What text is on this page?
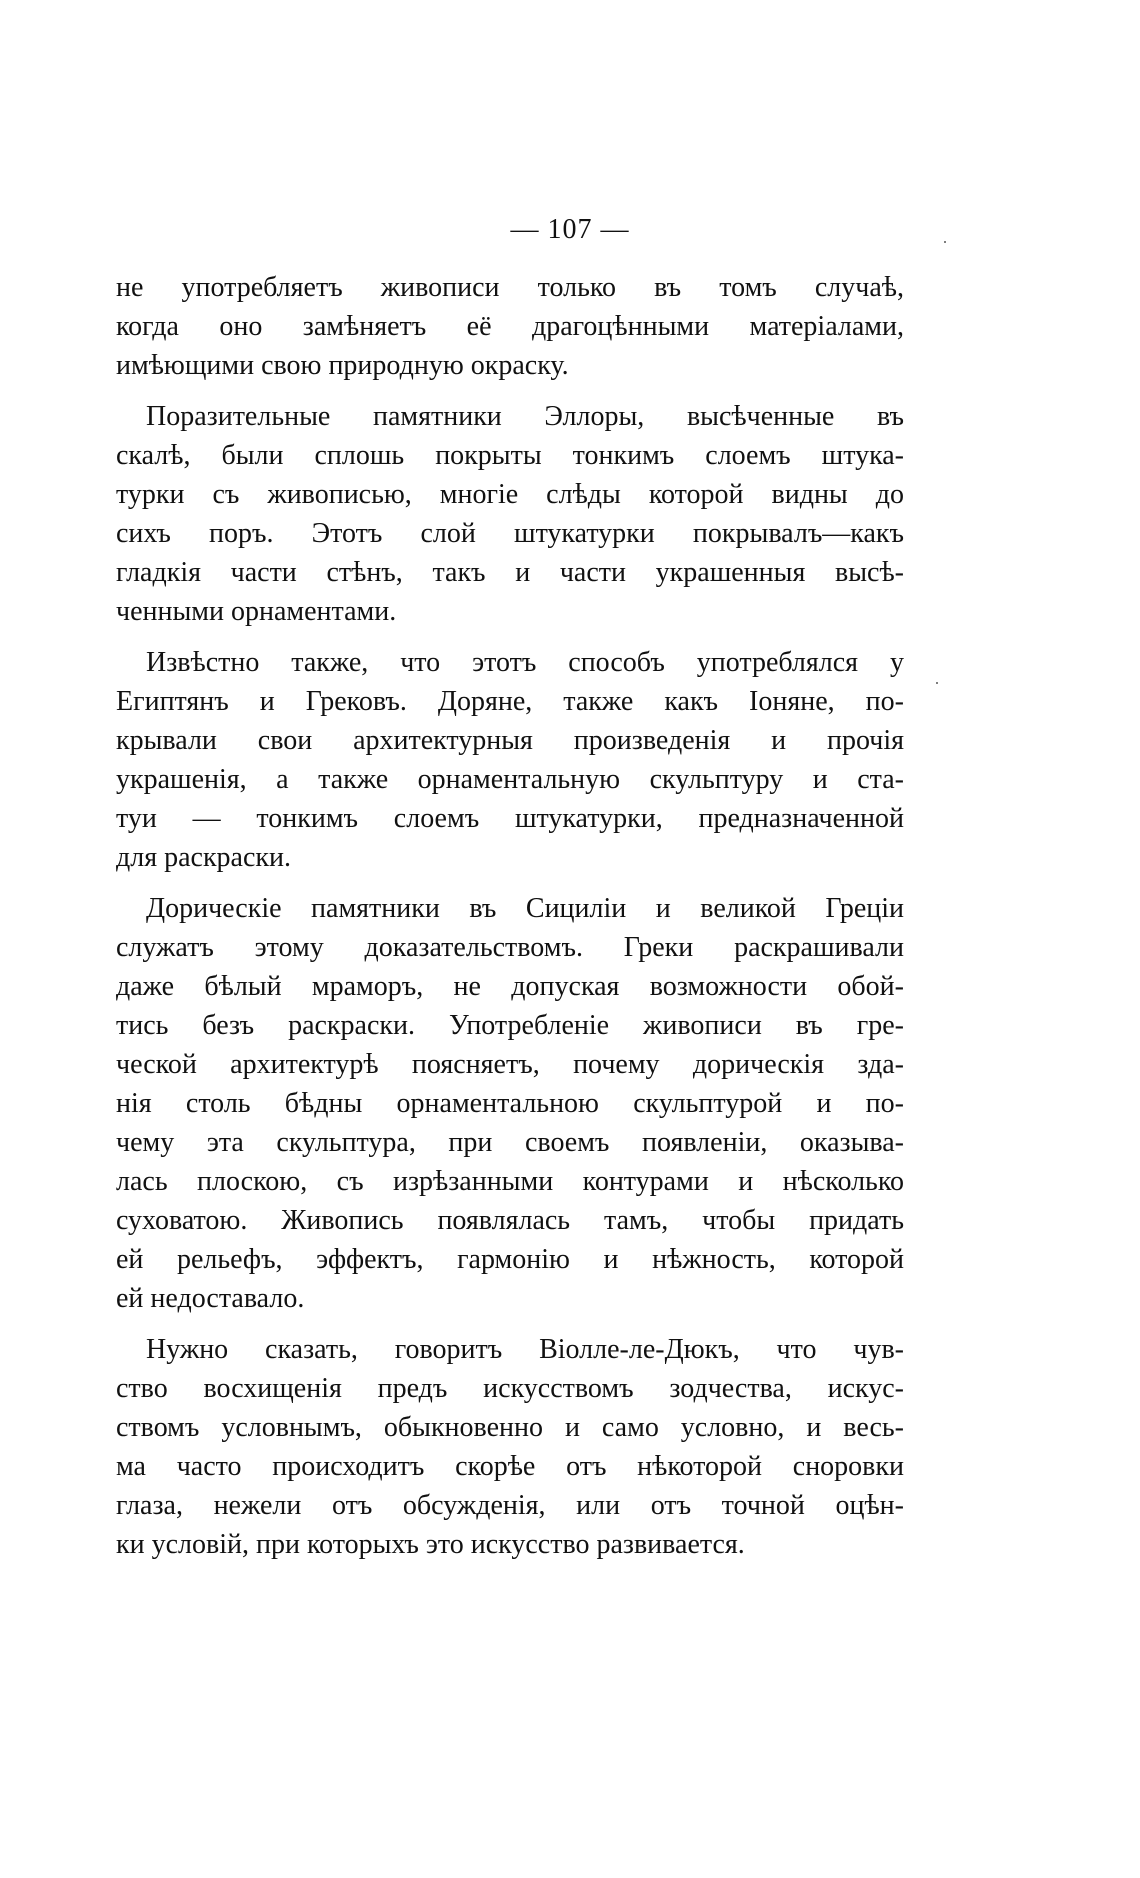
— 107 —
не употребляетъ живописи только въ томъ случаѣ,
когда оно замѣняетъ её драгоцѣнными матеріалами,
имѣющими свою природную окраску.
Поразительные памятники Эллоры, высѣченные въ
скалѣ, были сплошь покрыты тонкимъ слоемъ штука-
турки съ живописью, многіе слѣды которой видны до
сихъ поръ. Этотъ слой штукатурки покрывалъ—какъ
гладкія части стѣнъ, такъ и части украшенныя высѣ-
ченными орнаментами.
Извѣстно также, что этотъ способъ употреблялся у
Египтянъ и Грековъ. Доряне, также какъ Іоняне, по-
крывали свои архитектурныя произведенія и прочія
украшенія, а также орнаментальную скульптуру и ста-
туи — тонкимъ слоемъ штукатурки, предназначенной
для раскраски.
Дорическіе памятники въ Сициліи и великой Греціи
служатъ этому доказательствомъ. Греки раскрашивали
даже бѣлый мраморъ, не допуская возможности обой-
тись безъ раскраски. Употребленіе живописи въ гре-
ческой архитектурѣ поясняетъ, почему дорическія зда-
нія столь бѣдны орнаментальною скульптурой и по-
чему эта скульптура, при своемъ появленіи, оказыва-
лась плоскою, съ изрѣзанными контурами и нѣсколько
суховатою. Живопись появлялась тамъ, чтобы придать
ей рельефъ, эффектъ, гармонію и нѣжность, которой
ей недоставало.
Нужно сказать, говоритъ Віолле-ле-Дюкъ, что чув-
ство восхищенія предъ искусствомъ зодчества, искус-
ствомъ условнымъ, обыкновенно и само условно, и весь-
ма часто происходитъ скорѣе отъ нѣкоторой сноровки
глаза, нежели отъ обсужденія, или отъ точной оцѣн-
ки условій, при которыхъ это искусство развивается.
